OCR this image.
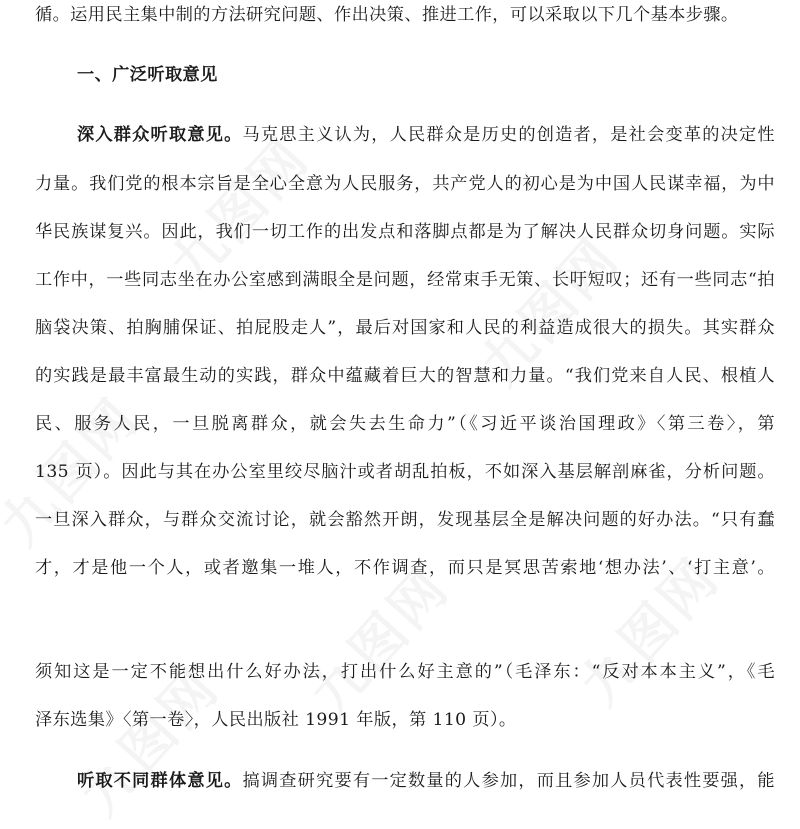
循。运用民主集中制的方法研究问题、作出决策、推进工作，可以采取以下几个基本步骤。
一、广泛听取意见
深入群众听取意见。马克思主义认为，人民群众是历史的创造者，是社会变革的决定性
力量。我们党的根本宗旨是全心全意为人民服务，共产党人的初心是为中国人民谋幸福，为中
华民族谋复兴。因此，我们一切工作的出发点和落脚点都是为了解决人民群众切身问题。实际
工作中，一些同志坐在办公室感到满眼全是问题，经常束手无策、长吁短叹；还有一些同志“拍
脑袋决策、拍胸脯保证、拍屁股走人”，最后对国家和人民的利益造成很大的损失。其实群众
的实践是最丰富最生动的实践，群众中蕴藏着巨大的智慧和力量。“我们党来自人民、根植人
民、服务人民，一旦脱离群众，就会失去生命力”（《习近平谈治国理政》〈第三卷〉，第
135 页）。因此与其在办公室里绞尽脑汁或者胡乱拍板，不如深入基层解剖麻雀，分析问题。
一旦深入群众，与群众交流讨论，就会豁然开朗，发现基层全是解决问题的好办法。“只有蠢
才，才是他一个人，或者邀集一堆人，不作调查，而只是冥思苦索地‘想办法’、‘打主意’。
须知这是一定不能想出什么好办法，打出什么好主意的”（毛泽东：“反对本本主义”，《毛
泽东选集》〈第一卷〉，人民出版社 1991 年版，第 110 页）。
听取不同群体意见。搞调查研究要有一定数量的人参加，而且参加人员代表性要强，能
